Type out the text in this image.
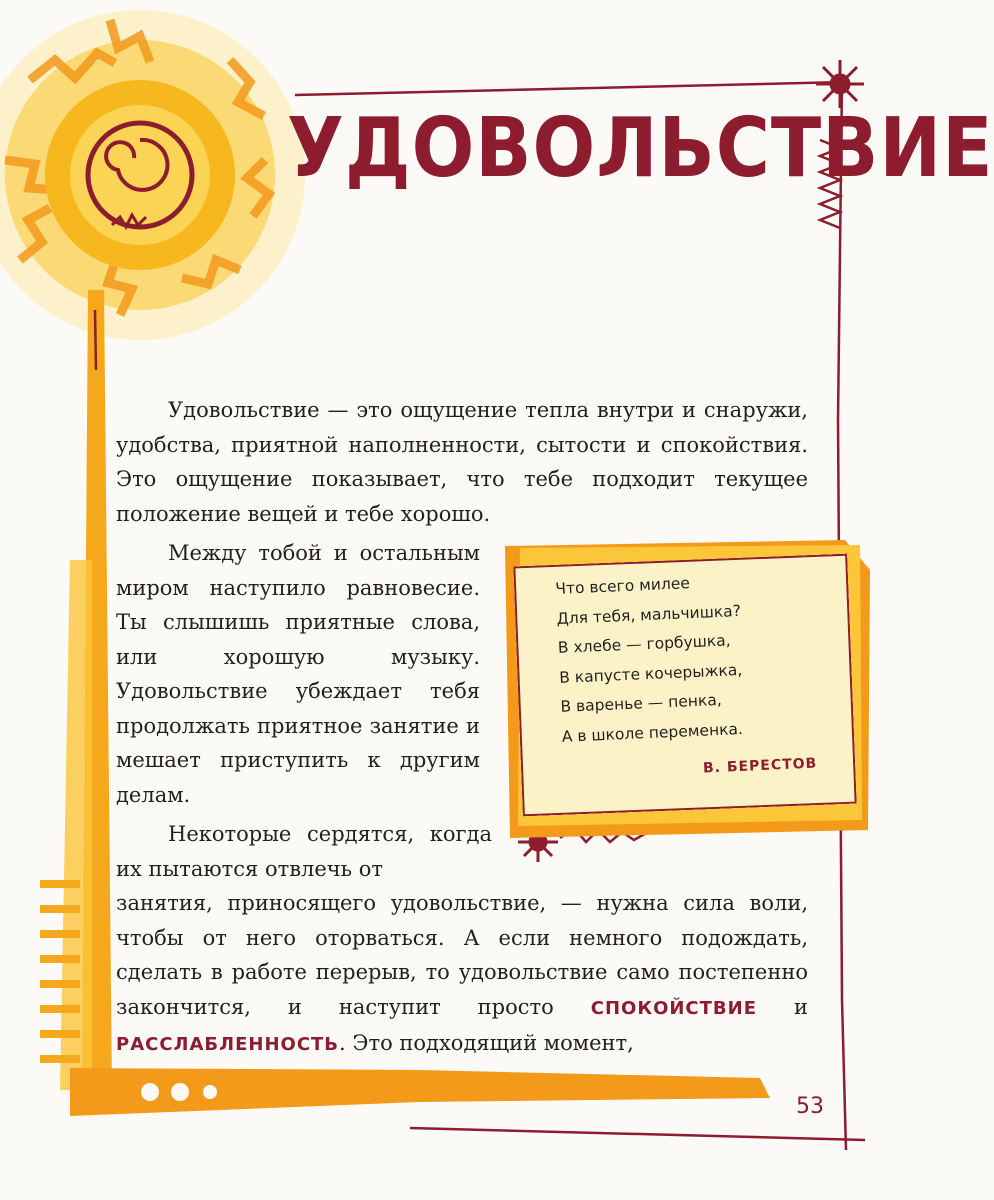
УДОВОЛЬСТВИЕ

Удовольствие — это ощущение тепла внутри и снаружи, удобства, приятной наполненности, сытости и спокойствия. Это ощущение показывает, что тебе подходит текущее положение вещей и тебе хорошо.

Между тобой и остальным миром наступило равновесие. Ты слышишь приятные слова, или хорошую музыку. Удовольствие убеждает тебя продолжать приятное занятие и мешает приступить к другим делам.

Некоторые сердятся, когда их пытаются отвлечь от

занятия, приносящего удовольствие, — нужна сила воли, чтобы от него оторваться. А если немного подождать, сделать в работе перерыв, то удовольствие само постепенно закончится, и наступит просто СПОКОЙСТВИЕ и РАССЛАБЛЕННОСТЬ. Это подходящий момент,

Что всего милее
Для тебя, мальчишка?
В хлебе — горбушка,
В капусте кочерыжка,
В варенье — пенка,
А в школе переменка.
В. БЕРЕСТОВ
53
